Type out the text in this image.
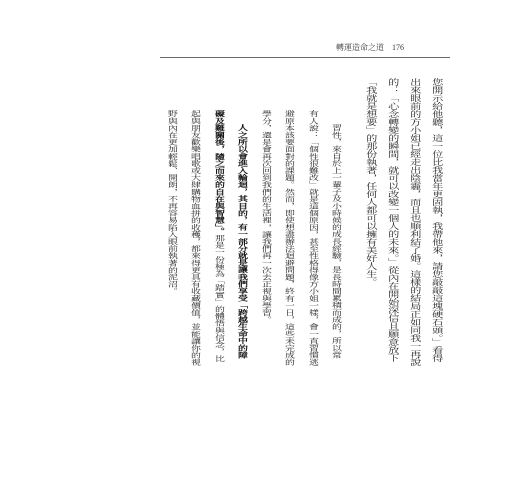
轉運造命之道 176
您開示給他聽，這一位比我當年更固執，我帶他來，請您敲敲這塊硬石頭。」看得
出來眼前的方小姐已經走出陰霾，而且也順利結了婚。這樣的結局正如同我一再說
的：「心念轉變的瞬間，就可以改變一個人的未來。」從內在開始深信且願意放下
「我就是想要」的那份執著，任何人都可以擁有美好人生。
習性，來自於上一輩子及小時候的成長經驗，是長時間累積而成的，所以常
有人說：「個性很難改」就是這個原因，甚至性格得像方小姐一樣，會一直習慣逃
避原本該要面對的課題。然而，即使想盡辦法迴避問題，終有一日，這些未完成的
學分，還是會再次回到我們的生活裡，讓我們再一次去正視與學習。
人之所以會進入輪迴，其目的，有一部分就是讓我們享受「跨越生命中的障
礙及難關後，隨之而來的自在與智慧」。那是一份極為「踏實」的體悟與信念，比
起與朋友歡樂唱歌或大肆購物血拼的收穫，都來得更具有收藏價值，並能讓你的視
野與內在更加輕鬆、開朗，不再容易陷入眼前執著的泥沼。
